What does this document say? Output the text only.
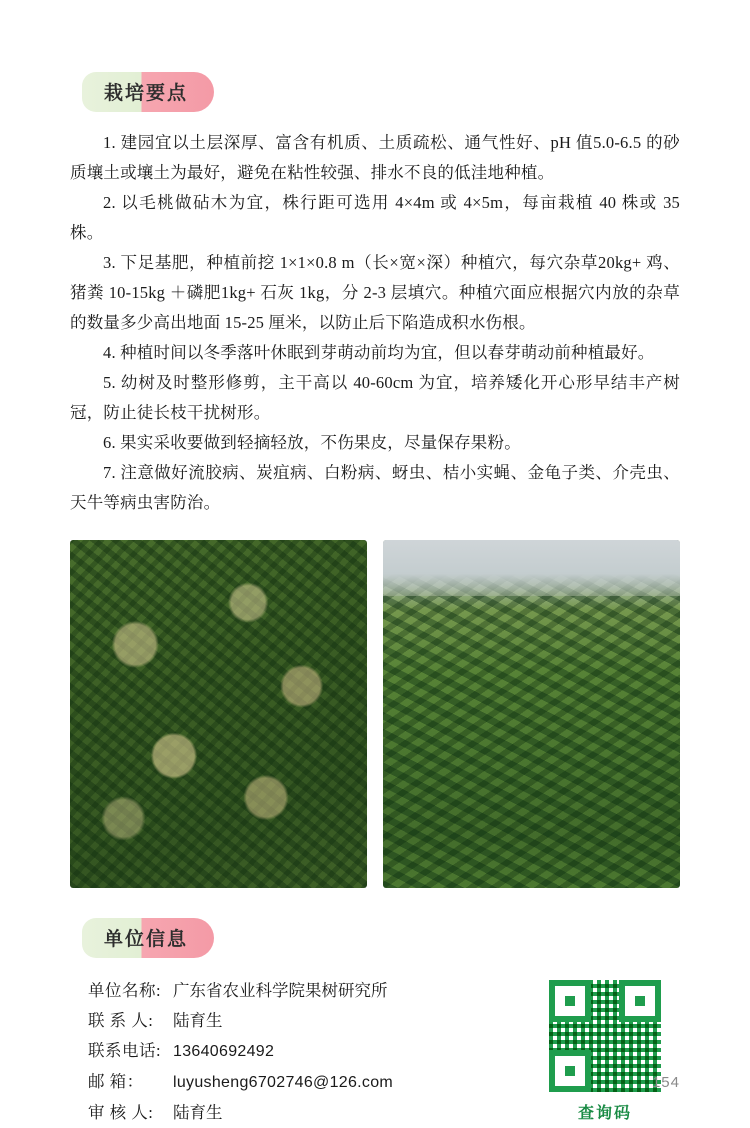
栽培要点

1. 建园宜以土层深厚、富含有机质、土质疏松、通气性好、pH 值5.0-6.5 的砂质壤土或壤土为最好，避免在粘性较强、排水不良的低洼地种植。

2. 以毛桃做砧木为宜，株行距可选用 4×4m 或 4×5m，每亩栽植 40 株或 35 株。

3. 下足基肥，种植前挖 1×1×0.8 m（长×宽×深）种植穴，每穴杂草20kg+ 鸡、猪粪 10-15kg ＋磷肥1kg+ 石灰 1kg，分 2-3 层填穴。种植穴面应根据穴内放的杂草的数量多少高出地面 15-25 厘米，以防止后下陷造成积水伤根。

4. 种植时间以冬季落叶休眠到芽萌动前均为宜，但以春芽萌动前种植最好。

5. 幼树及时整形修剪，主干高以 40-60cm 为宜，培养矮化开心形早结丰产树冠，防止徒长枝干扰树形。

6. 果实采收要做到轻摘轻放，不伤果皮，尽量保存果粉。

7. 注意做好流胶病、炭疽病、白粉病、蚜虫、桔小实蝇、金龟子类、介壳虫、天牛等病虫害防治。

单位信息
单位名称: 广东省农业科学院果树研究所
联 系 人: 陆育生
联系电话: 13640692492
邮 箱： luyusheng6702746@126.com
审 核 人: 陆育生	查询码
154
